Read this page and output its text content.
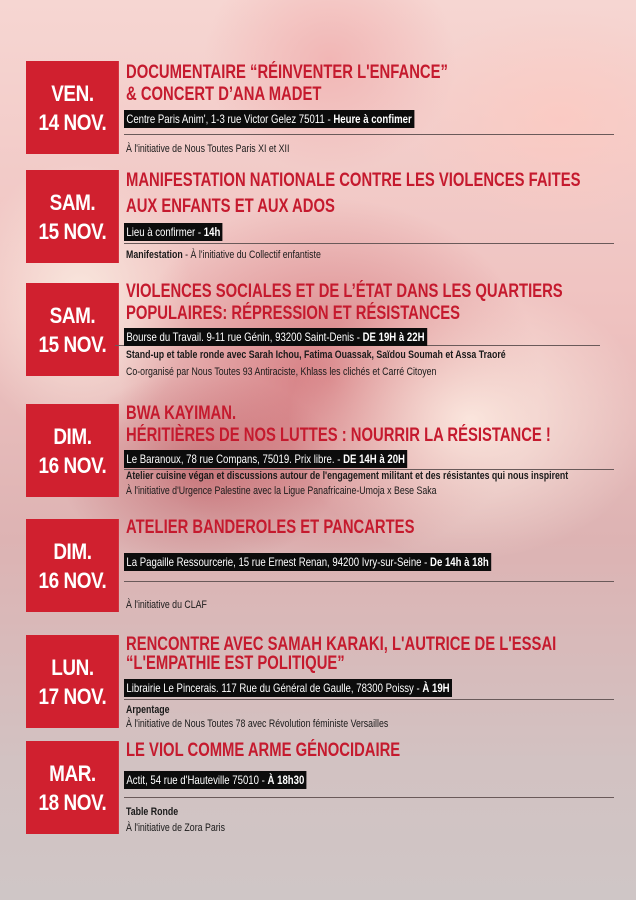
VEN.
14 NOV.
DOCUMENTAIRE “RÉINVENTER L'ENFANCE”
& CONCERT D’ANA MADET
Centre Paris Anim', 1-3 rue Victor Gelez 75011 - Heure à confimer
À l'initiative de Nous Toutes Paris XI et XII
SAM.
15 NOV.
MANIFESTATION NATIONALE CONTRE LES VIOLENCES FAITES
AUX ENFANTS ET AUX ADOS
Lieu à confirmer - 14h
Manifestation - À l'initiative du Collectif enfantiste
SAM.
15 NOV.
VIOLENCES SOCIALES ET DE L’ÉTAT DANS LES QUARTIERS
POPULAIRES: RÉPRESSION ET RÉSISTANCES
Bourse du Travail. 9-11 rue Génin, 93200 Saint-Denis - DE 19H à 22H
Stand-up et table ronde avec Sarah Ichou, Fatima Ouassak, Saïdou Soumah et Assa Traoré
Co-organisé par Nous Toutes 93 Antiraciste, Khlass les clichés et Carré Citoyen
DIM.
16 NOV.
BWA KAYIMAN.
HÉRITIÈRES DE NOS LUTTES : NOURRIR LA RÉSISTANCE !
Le Baranoux, 78 rue Compans, 75019. Prix libre. - DE 14H à 20H
Atelier cuisine végan et discussions autour de l'engagement militant et des résistantes qui nous inspirent
À l'initiative d'Urgence Palestine avec la Ligue Panafricaine-Umoja x Bese Saka
DIM.
16 NOV.
ATELIER BANDEROLES ET PANCARTES
La Pagaille Ressourcerie, 15 rue Ernest Renan, 94200 Ivry-sur-Seine - De 14h à 18h
À l'initiative du CLAF
LUN.
17 NOV.
RENCONTRE AVEC SAMAH KARAKI, L'AUTRICE DE L'ESSAI
“L'EMPATHIE EST POLITIQUE”
Librairie Le Pincerais. 117 Rue du Général de Gaulle, 78300 Poissy - À 19H
Arpentage
À l'initiative de Nous Toutes 78 avec Révolution féministe Versailles
MAR.
18 NOV.
LE VIOL COMME ARME GÉNOCIDAIRE
Actit, 54 rue d'Hauteville 75010 - À 18h30
Table Ronde
À l'initiative de Zora Paris
